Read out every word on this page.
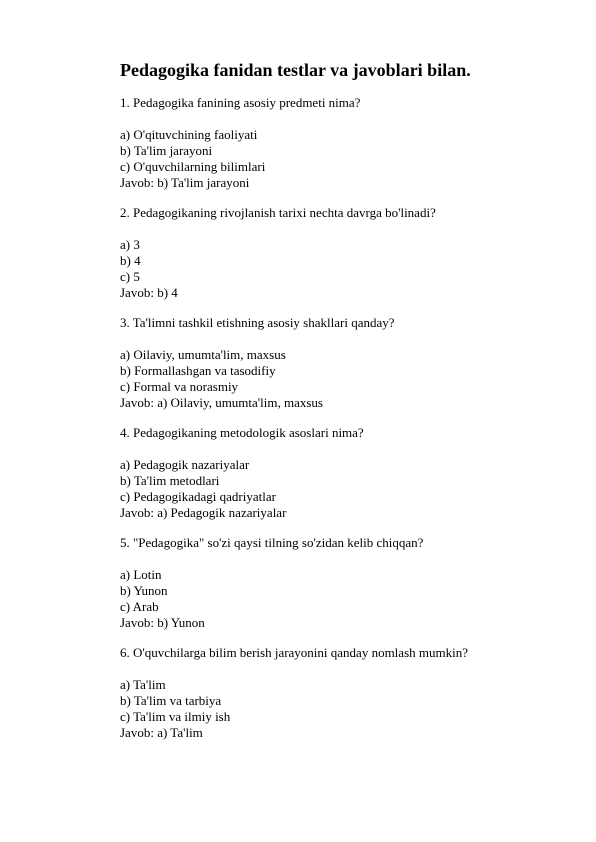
Pedagogika fanidan testlar va javoblari bilan.
1. Pedagogika fanining asosiy predmeti nima?
a) O'qituvchining faoliyati
b) Ta'lim jarayoni
c) O'quvchilarning bilimlari
Javob: b) Ta'lim jarayoni
2. Pedagogikaning rivojlanish tarixi nechta davrga bo'linadi?
a) 3
b) 4
c) 5
Javob: b) 4
3. Ta'limni tashkil etishning asosiy shakllari qanday?
a) Oilaviy, umumta'lim, maxsus
b) Formallashgan va tasodifiy
c) Formal va norasmiy
Javob: a) Oilaviy, umumta'lim, maxsus
4. Pedagogikaning metodologik asoslari nima?
a) Pedagogik nazariyalar
b) Ta'lim metodlari
c) Pedagogikadagi qadriyatlar
Javob: a) Pedagogik nazariyalar
5. "Pedagogika" so'zi qaysi tilning so'zidan kelib chiqqan?
a) Lotin
b) Yunon
c) Arab
Javob: b) Yunon
6. O'quvchilarga bilim berish jarayonini qanday nomlash mumkin?
a) Ta'lim
b) Ta'lim va tarbiya
c) Ta'lim va ilmiy ish
Javob: a) Ta'lim
